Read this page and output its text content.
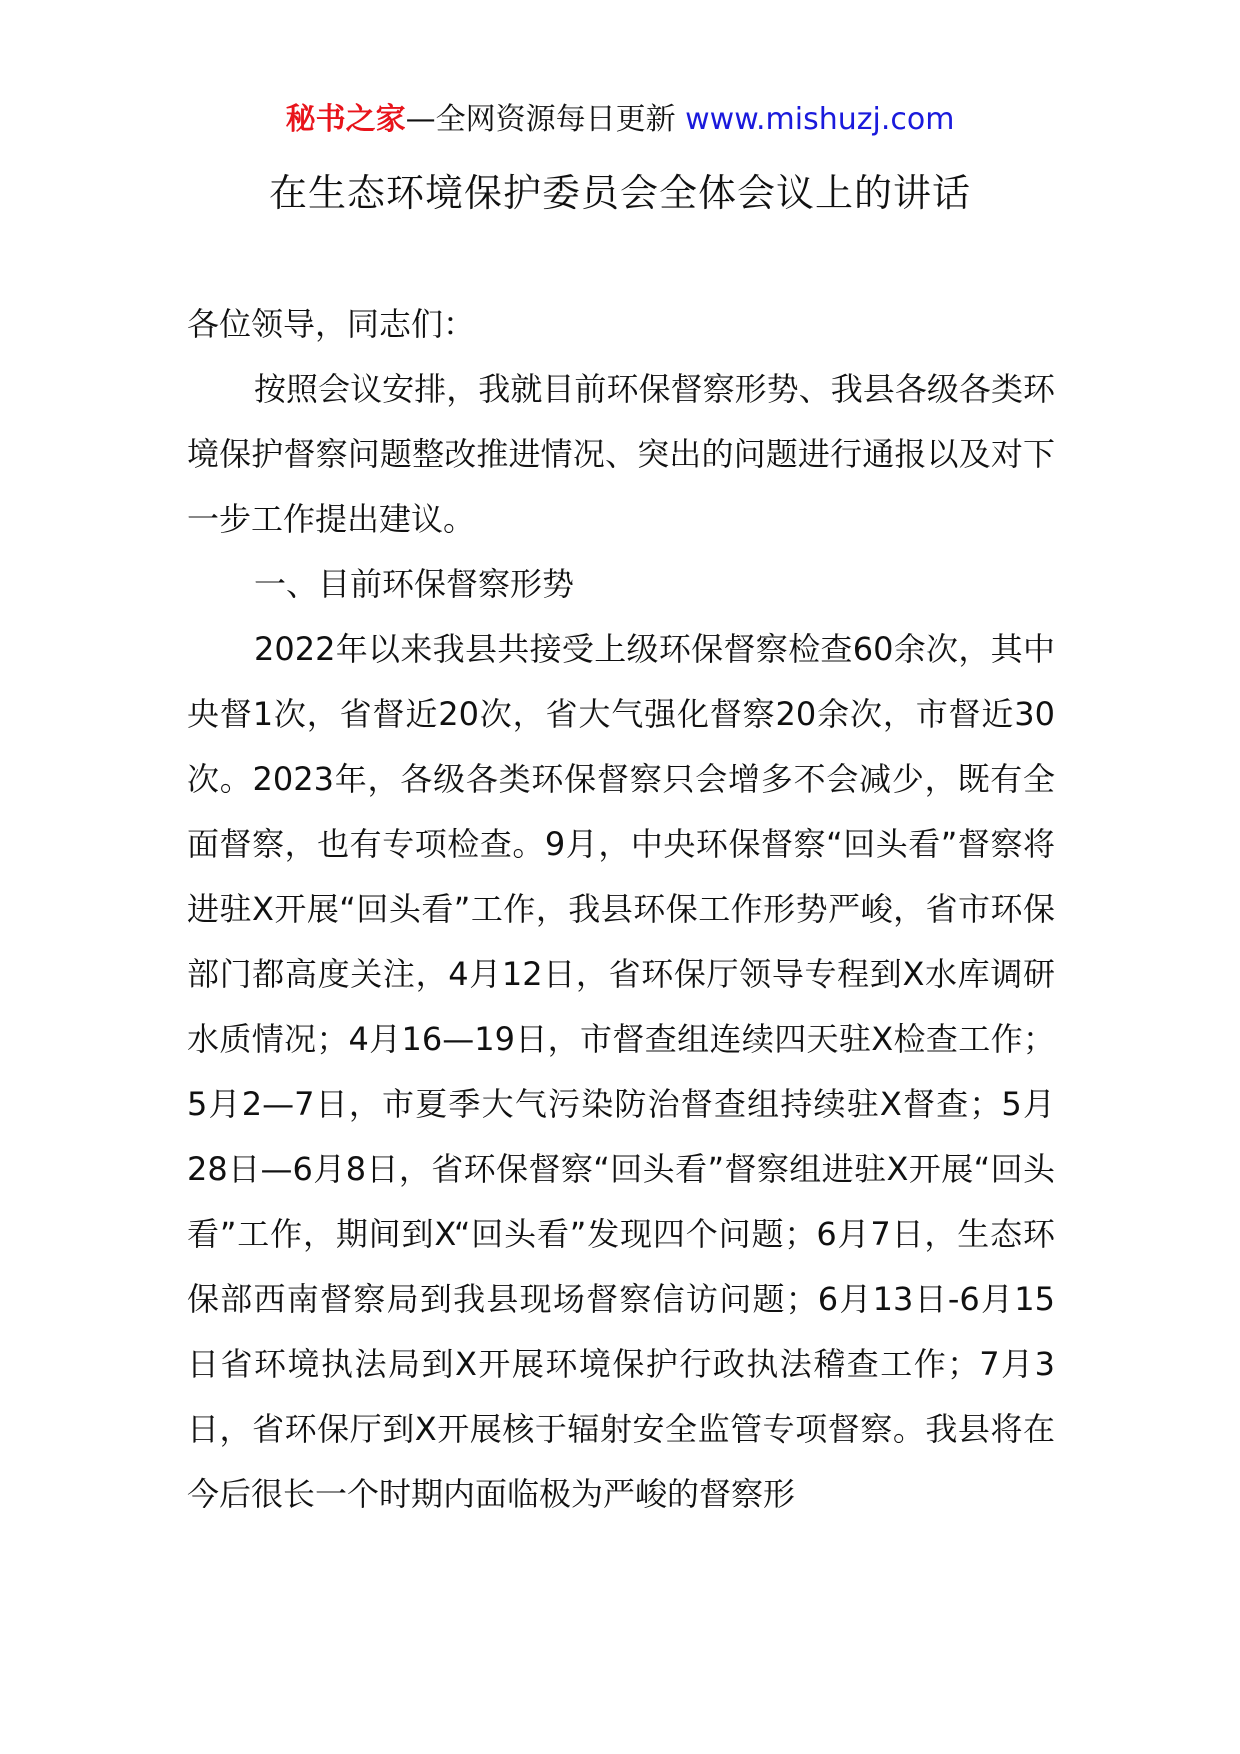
秘书之家—全网资源每日更新 www.mishuzj.com
在生态环境保护委员会全体会议上的讲话

各位领导，同志们：

按照会议安排，我就目前环保督察形势、我县各级各类环境保护督察问题整改推进情况、突出的问题进行通报以及对下一步工作提出建议。

一、目前环保督察形势

2022年以来我县共接受上级环保督察检查60余次，其中央督1次，省督近20次，省大气强化督察20余次，市督近30次。2023年，各级各类环保督察只会增多不会减少，既有全面督察，也有专项检查。9月，中央环保督察“回头看”督察将进驻X开展“回头看”工作，我县环保工作形势严峻，省市环保部门都高度关注，4月12日，省环保厅领导专程到X水库调研水质情况；4月16—19日，市督查组连续四天驻X检查工作；5月2—7日，市夏季大气污染防治督查组持续驻X督查；5月28日—6月8日，省环保督察“回头看”督察组进驻X开展“回头看”工作，期间到X“回头看”发现四个问题；6月7日，生态环保部西南督察局到我县现场督察信访问题；6月13日-6月15日省环境执法局到X开展环境保护行政执法稽查工作；7月3日，省环保厅到X开展核于辐射安全监管专项督察。我县将在今后很长一个时期内面临极为严峻的督察形
